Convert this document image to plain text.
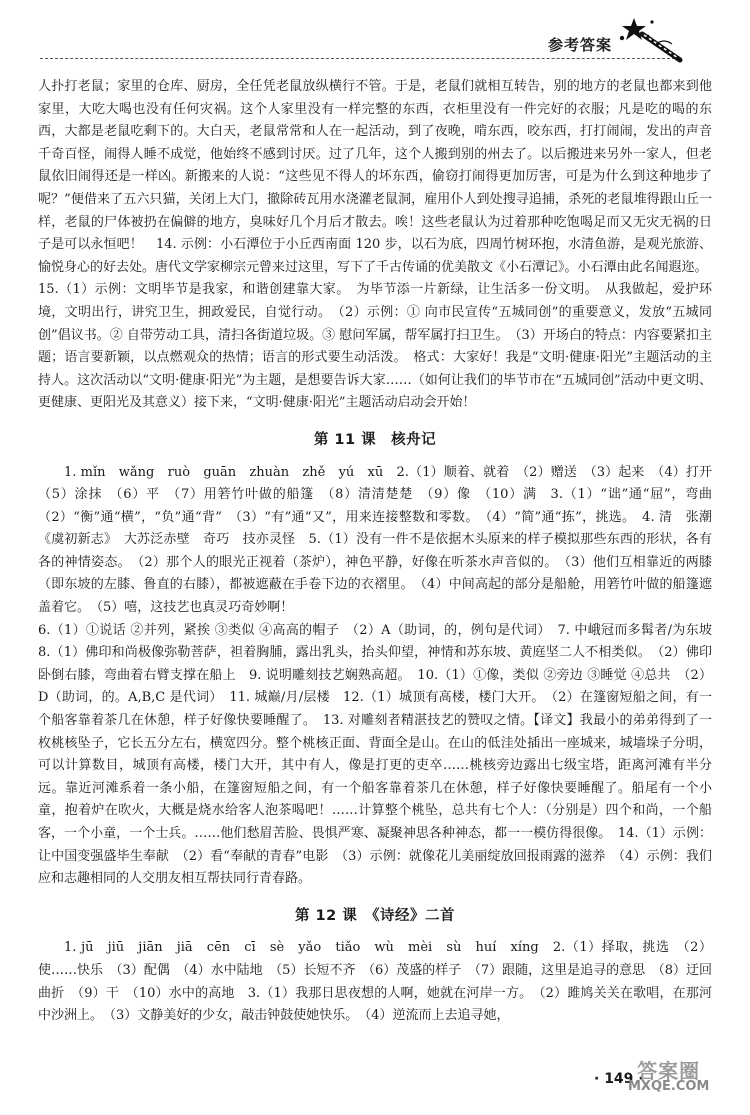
参考答案

人扑打老鼠；家里的仓库、厨房，全任凭老鼠放纵横行不管。于是，老鼠们就相互转告，别的地方的老鼠也都来到他家里，大吃大喝也没有任何灾祸。这个人家里没有一样完整的东西，衣柜里没有一件完好的衣服；凡是吃的喝的东西，大都是老鼠吃剩下的。大白天，老鼠常常和人在一起活动，到了夜晚，啃东西，咬东西，打打闹闹，发出的声音千奇百怪，闹得人睡不成觉，他始终不感到讨厌。过了几年，这个人搬到别的州去了。以后搬进来另外一家人，但老鼠依旧闹得还是一样凶。新搬来的人说：“这些见不得人的坏东西，偷窃打闹得更加厉害，可是为什么到这种地步了呢？”便借来了五六只猫，关闭上大门，撤除砖瓦用水浇灌老鼠洞，雇用仆人到处搜寻追捕，杀死的老鼠堆得跟山丘一样，老鼠的尸体被扔在偏僻的地方，臭味好几个月后才散去。唉！这些老鼠认为过着那种吃饱喝足而又无灾无祸的日子是可以永恒吧！　14. 示例：小石潭位于小丘西南面 120 步，以石为底，四周竹树环抱，水清鱼游，是观光旅游、愉悦身心的好去处。唐代文学家柳宗元曾来过这里，写下了千古传诵的优美散文《小石潭记》。小石潭由此名闻遐迩。

15.（1）示例：文明毕节是我家，和谐创建靠大家。　为毕节添一片新绿，让生活多一份文明。　从我做起，爱护环境，文明出行，讲究卫生，拥政爱民，自觉行动。　（2）示例：① 向市民宣传“五城同创”的重要意义，发放“五城同创”倡议书。② 自带劳动工具，清扫各街道垃圾。③ 慰问军属，帮军属打扫卫生。　（3）开场白的特点：内容要紧扣主题；语言要新颖，以点燃观众的热情；语言的形式要生动活泼。　格式：大家好！我是“文明·健康·阳光”主题活动的主持人。这次活动以“文明·健康·阳光”为主题，是想要告诉大家……（如何让我们的毕节市在“五城同创”活动中更文明、更健康、更阳光及其意义）接下来，“文明·健康·阳光”主题活动启动会开始！

第 11 课　核舟记

1. mǐn　wǎng　ruò　guān　zhuàn　zhě　yú　xū　2.（1）顺着、就着　（2）赠送　（3）起来　（4）打开　（5）涂抹　（6）平　（7）用箬竹叶做的船篷　（8）清清楚楚　（9）像　（10）满　3.（1）“诎”通“屈”，弯曲　（2）“衡”通“横”，“负”通“背”　（3）“有”通“又”，用来连接整数和零数。　（4）“简”通“拣”，挑选。　4. 清　张潮　《虞初新志》　大苏泛赤壁　奇巧　技亦灵怪　5.（1）没有一件不是依据木头原来的样子模拟那些东西的形状，各有各的神情姿态。　（2）那个人的眼光正视着（茶炉），神色平静，好像在听茶水声音似的。　（3）他们互相靠近的两膝（即东坡的左膝、鲁直的右膝），都被遮蔽在手卷下边的衣褶里。　（4）中间高起的部分是船舱，用箬竹叶做的船篷遮盖着它。　（5）嘻，这技艺也真灵巧奇妙啊！

6.（1）①说话 ②并列，紧挨 ③类似 ④高高的帽子　（2）A（助词，的，例句是代词）　7. 中峨冠而多髯者/为东坡　8.（1）佛印和尚极像弥勒菩萨，袒着胸脯，露出乳头，抬头仰望，神情和苏东坡、黄庭坚二人不相类似。　（2）佛印卧倒右膝，弯曲着右臂支撑在船上　9. 说明雕刻技艺娴熟高超。　10.（1）①像，类似 ②旁边 ③睡觉 ④总共　（2）D（助词，的。A,B,C 是代词）　11. 城巅/月/层楼　12.（1）城顶有高楼，楼门大开。　（2）在篷窗短船之间，有一个船客靠着茶几在休憩，样子好像快要睡醒了。　13. 对雕刻者精湛技艺的赞叹之情。【译文】我最小的弟弟得到了一枚桃核坠子，它长五分左右，横宽四分。整个桃核正面、背面全是山。在山的低洼处插出一座城来，城墙垛子分明，可以计算数目，城顶有高楼，楼门大开，其中有人，像是打更的吏卒……桃核旁边露出七级宝塔，距离河滩有半分远。靠近河滩系着一条小船，在篷窗短船之间，有一个船客靠着茶几在休憩，样子好像快要睡醒了。船尾有一个小童，抱着炉在吹火，大概是烧水给客人泡茶喝吧！……计算整个桃坠，总共有七个人：（分别是）四个和尚，一个船客，一个小童，一个士兵。……他们愁眉苦脸、畏惧严寒、凝聚神思各种神态，都一一模仿得很像。　14.（1）示例：让中国变强盛毕生奉献　（2）看“奉献的青春”电影　（3）示例：就像花儿美丽绽放回报雨露的滋养　（4）示例：我们应和志趣相同的人交朋友相互帮扶同行青春路。

第 12 课　《诗经》二首

1. jū　jiū　jiān　jiā　cēn　cī　sè　yǎo　tiǎo　wù　mèi　sù　huí　xíng　2.（1）择取，挑选　（2）使……快乐　（3）配偶　（4）水中陆地　（5）长短不齐　（6）茂盛的样子　（7）跟随，这里是追寻的意思　（8）迂回曲折　（9）干　（10）水中的高地　3.（1）我那日思夜想的人啊，她就在河岸一方。　（2）雎鸠关关在歌唱，在那河中沙洲上。　（3）文静美好的少女，敲击钟鼓使她快乐。　（4）逆流而上去追寻她，

· 149 ·
答案圈
MXQE.COM
